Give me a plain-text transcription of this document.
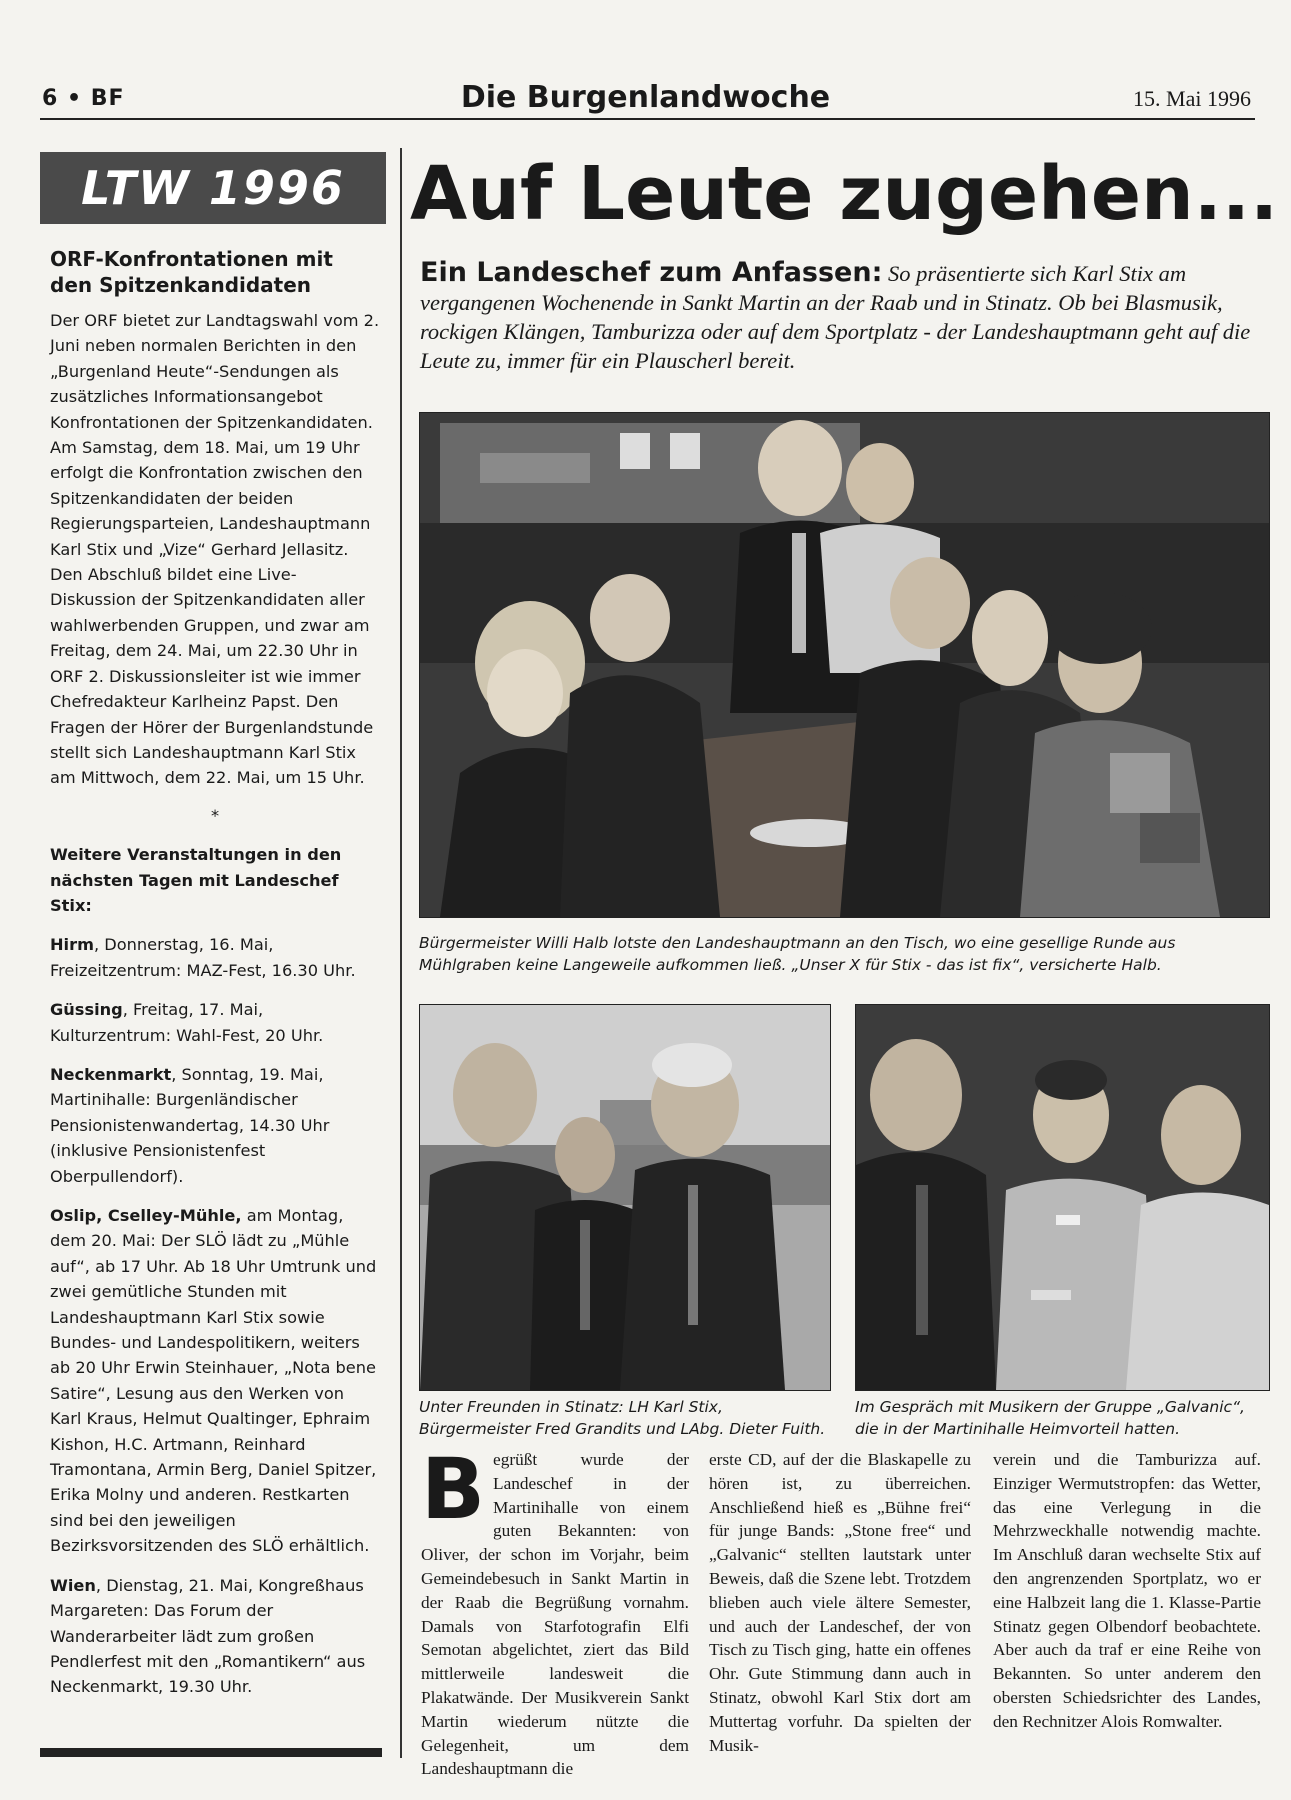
6 • BF	Die Burgenlandwoche	15. Mai 1996
LTW 1996
ORF-Konfrontationen mit den Spitzenkandidaten

Der ORF bietet zur Landtagswahl vom 2. Juni neben normalen Berichten in den „Burgenland Heute“-Sendungen als zusätzliches Informationsangebot Konfrontationen der Spitzenkandidaten. Am Samstag, dem 18. Mai, um 19 Uhr erfolgt die Konfrontation zwischen den Spitzenkandidaten der beiden Regierungsparteien, Landeshauptmann Karl Stix und „Vize“ Gerhard Jellasitz. Den Abschluß bildet eine Live-Diskussion der Spitzenkandidaten aller wahlwerbenden Gruppen, und zwar am Freitag, dem 24. Mai, um 22.30 Uhr in ORF 2. Diskussionsleiter ist wie immer Chefredakteur Karlheinz Papst. Den Fragen der Hörer der Burgenlandstunde stellt sich Landeshauptmann Karl Stix am Mittwoch, dem 22. Mai, um 15 Uhr.

*

Weitere Veranstaltungen in den nächsten Tagen mit Landeschef Stix:

Hirm, Donnerstag, 16. Mai, Freizeitzentrum: MAZ-Fest, 16.30 Uhr.

Güssing, Freitag, 17. Mai, Kulturzentrum: Wahl-Fest, 20 Uhr.

Neckenmarkt, Sonntag, 19. Mai, Martinihalle: Burgenländischer Pensionistenwandertag, 14.30 Uhr (inklusive Pensionistenfest Oberpullendorf).

Oslip, Cselley-Mühle, am Montag, dem 20. Mai: Der SLÖ lädt zu „Mühle auf“, ab 17 Uhr. Ab 18 Uhr Umtrunk und zwei gemütliche Stunden mit Landeshauptmann Karl Stix sowie Bundes- und Landespolitikern, weiters ab 20 Uhr Erwin Steinhauer, „Nota bene Satire“, Lesung aus den Werken von Karl Kraus, Helmut Qualtinger, Ephraim Kishon, H.C. Artmann, Reinhard Tramontana, Armin Berg, Daniel Spitzer, Erika Molny und anderen. Restkarten sind bei den jeweiligen Bezirksvorsitzenden des SLÖ erhältlich.

Wien, Dienstag, 21. Mai, Kongreßhaus Margareten: Das Forum der Wanderarbeiter lädt zum großen Pendlerfest mit den „Romantikern“ aus Neckenmarkt, 19.30 Uhr.

Auf Leute zugehen...
Ein Landeschef zum Anfassen: So präsentierte sich Karl Stix am vergangenen Wochenende in Sankt Martin an der Raab und in Stinatz. Ob bei Blasmusik, rockigen Klängen, Tamburizza oder auf dem Sportplatz - der Landeshauptmann geht auf die Leute zu, immer für ein Plauscherl bereit.
Bürgermeister Willi Halb lotste den Landeshauptmann an den Tisch, wo eine gesellige Runde aus Mühlgraben keine Langeweile aufkommen ließ. „Unser X für Stix - das ist fix“, versicherte Halb.
Unter Freunden in Stinatz: LH Karl Stix, Bürgermeister Fred Grandits und LAbg. Dieter Fuith.
Im Gespräch mit Musikern der Gruppe „Galvanic“, die in der Martinihalle Heimvorteil hatten.
Begrüßt wurde der Landeschef in der Martinihalle von einem guten Bekannten: von Oliver, der schon im Vorjahr, beim Gemeindebesuch in Sankt Martin in der Raab die Begrüßung vornahm. Damals von Starfotografin Elfi Semotan abgelichtet, ziert das Bild mittlerweile landesweit die Plakatwände. Der Musikverein Sankt Martin wiederum nützte die Gelegenheit, um dem Landeshauptmann die
erste CD, auf der die Blaskapelle zu hören ist, zu überreichen. Anschließend hieß es „Bühne frei“ für junge Bands: „Stone free“ und „Galvanic“ stellten lautstark unter Beweis, daß die Szene lebt. Trotzdem blieben auch viele ältere Semester, und auch der Landeschef, der von Tisch zu Tisch ging, hatte ein offenes Ohr. Gute Stimmung dann auch in Stinatz, obwohl Karl Stix dort am Muttertag vorfuhr. Da spielten der Musik-
verein und die Tamburizza auf. Einziger Wermutstropfen: das Wetter, das eine Verlegung in die Mehrzweckhalle notwendig machte. Im Anschluß daran wechselte Stix auf den angrenzenden Sportplatz, wo er eine Halbzeit lang die 1. Klasse-Partie Stinatz gegen Olbendorf beobachtete. Aber auch da traf er eine Reihe von Bekannten. So unter anderem den obersten Schiedsrichter des Landes, den Rechnitzer Alois Romwalter.
